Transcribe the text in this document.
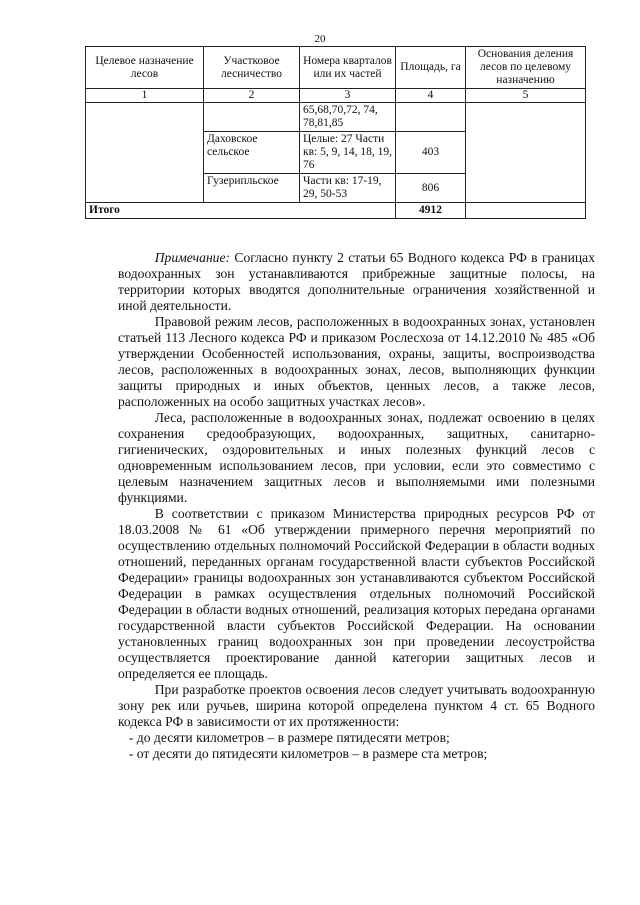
20
Целевое назначение лесов	Участковое лесничество	Номера кварталов или их частей	Площадь, га	Основания деления лесов по целевому назначению
1	2	3	4	5
		65,68,70,72, 74, 78,81,85		
	Даховское сельское	Целые: 27 Части кв: 5, 9, 14, 18, 19, 76	403	
	Гузерипльское	Части кв: 17-19, 29, 50-53	806	
Итого			4912	

Примечание: Согласно пункту 2 статьи 65 Водного кодекса РФ в границах водоохранных зон устанавливаются прибрежные защитные полосы, на территории которых вводятся дополнительные ограничения хозяйственной и иной деятельности.

Правовой режим лесов, расположенных в водоохранных зонах, установлен статьей 113 Лесного кодекса РФ и приказом Рослесхоза от 14.12.2010 № 485 «Об утверждении Особенностей использования, охраны, защиты, воспроизводства лесов, расположенных в водоохранных зонах, лесов, выполняющих функции защиты природных и иных объектов, ценных лесов, а также лесов, расположенных на особо защитных участках лесов».

Леса, расположенные в водоохранных зонах, подлежат освоению в целях сохранения средообразующих, водоохранных, защитных, санитарно-гигиенических, оздоровительных и иных полезных функций лесов с одновременным использованием лесов, при условии, если это совместимо с целевым назначением защитных лесов и выполняемыми ими полезными функциями.

В соответствии с приказом Министерства природных ресурсов РФ от 18.03.2008 № 61 «Об утверждении примерного перечня мероприятий по осуществлению отдельных полномочий Российской Федерации в области водных отношений, переданных органам государственной власти субъектов Российской Федерации» границы водоохранных зон устанавливаются субъектом Российской Федерации в рамках осуществления отдельных полномочий Российской Федерации в области водных отношений, реализация которых передана органами государственной власти субъектов Российской Федерации. На основании установленных границ водоохранных зон при проведении лесоустройства осуществляется проектирование данной категории защитных лесов и определяется ее площадь.

При разработке проектов освоения лесов следует учитывать водоохранную зону рек или ручьев, ширина которой определена пунктом 4 ст. 65 Водного кодекса РФ в зависимости от их протяженности:

- до десяти километров – в размере пятидесяти метров;

- от десяти до пятидесяти километров – в размере ста метров;
